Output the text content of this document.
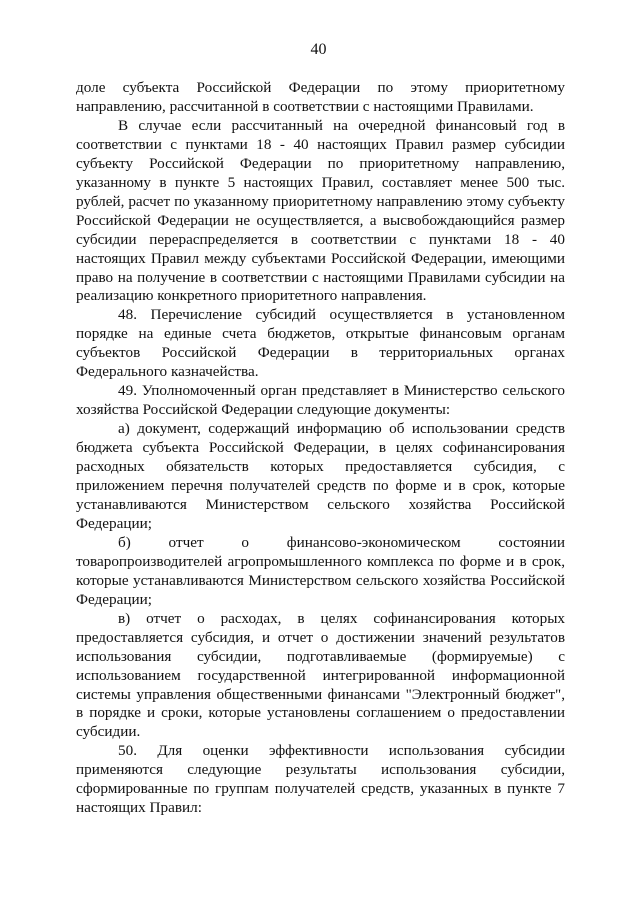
40

доле субъекта Российской Федерации по этому приоритетному направлению, рассчитанной в соответствии с настоящими Правилами.

В случае если рассчитанный на очередной финансовый год в соответствии с пунктами 18 - 40 настоящих Правил размер субсидии субъекту Российской Федерации по приоритетному направлению, указанному в пункте 5 настоящих Правил, составляет менее 500 тыс. рублей, расчет по указанному приоритетному направлению этому субъекту Российской Федерации не осуществляется, а высвобождающийся размер субсидии перераспределяется в соответствии с пунктами 18 - 40 настоящих Правил между субъектами Российской Федерации, имеющими право на получение в соответствии с настоящими Правилами субсидии на реализацию конкретного приоритетного направления.

48. Перечисление субсидий осуществляется в установленном порядке на единые счета бюджетов, открытые финансовым органам субъектов Российской Федерации в территориальных органах Федерального казначейства.

49. Уполномоченный орган представляет в Министерство сельского хозяйства Российской Федерации следующие документы:

а) документ, содержащий информацию об использовании средств бюджета субъекта Российской Федерации, в целях софинансирования расходных обязательств которых предоставляется субсидия, с приложением перечня получателей средств по форме и в срок, которые устанавливаются Министерством сельского хозяйства Российской Федерации;

б) отчет о финансово-экономическом состоянии товаропроизводителей агропромышленного комплекса по форме и в срок, которые устанавливаются Министерством сельского хозяйства Российской Федерации;

в) отчет о расходах, в целях софинансирования которых предоставляется субсидия, и отчет о достижении значений результатов использования субсидии, подготавливаемые (формируемые) с использованием государственной интегрированной информационной системы управления общественными финансами "Электронный бюджет", в порядке и сроки, которые установлены соглашением о предоставлении субсидии.

50. Для оценки эффективности использования субсидии применяются следующие результаты использования субсидии, сформированные по группам получателей средств, указанных в пункте 7 настоящих Правил:
